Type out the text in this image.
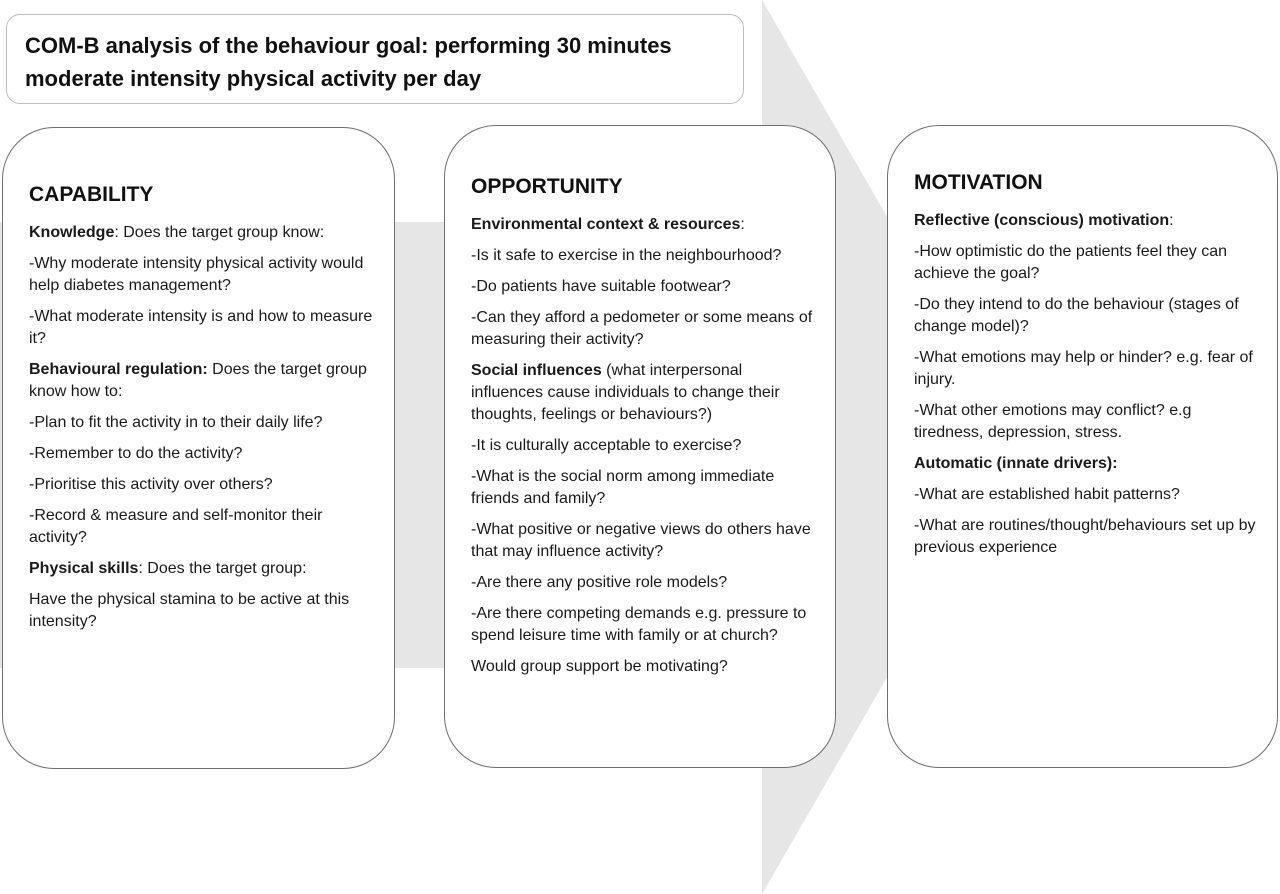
COM-B analysis of the behaviour goal: performing 30 minutes moderate intensity physical activity per day
CAPABILITY
Knowledge: Does the target group know:
-Why moderate intensity physical activity would help diabetes management?
-What moderate intensity is and how to measure it?
Behavioural regulation: Does the target group know how to:
-Plan to fit the activity in to their daily life?
-Remember to do the activity?
-Prioritise this activity over others?
-Record & measure and self-monitor their activity?
Physical skills: Does the target group:
Have the physical stamina to be active at this intensity?
OPPORTUNITY
Environmental context & resources:
-Is it safe to exercise in the neighbourhood?
-Do patients have suitable footwear?
-Can they afford a pedometer or some means of measuring their activity?
Social influences (what interpersonal influences cause individuals to change their thoughts, feelings or behaviours?)
-It is culturally acceptable to exercise?
-What is the social norm among immediate friends and family?
-What positive or negative views do others have that may influence activity?
-Are there any positive role models?
-Are there competing demands e.g. pressure to spend leisure time with family or at church?
Would group support be motivating?
MOTIVATION
Reflective (conscious) motivation:
-How optimistic do the patients feel they can achieve the goal?
-Do they intend to do the behaviour (stages of change model)?
-What emotions may help or hinder? e.g. fear of injury.
-What other emotions may conflict? e.g tiredness, depression, stress.
Automatic (innate drivers):
-What are established habit patterns?
-What are routines/thought/behaviours set up by previous experience
